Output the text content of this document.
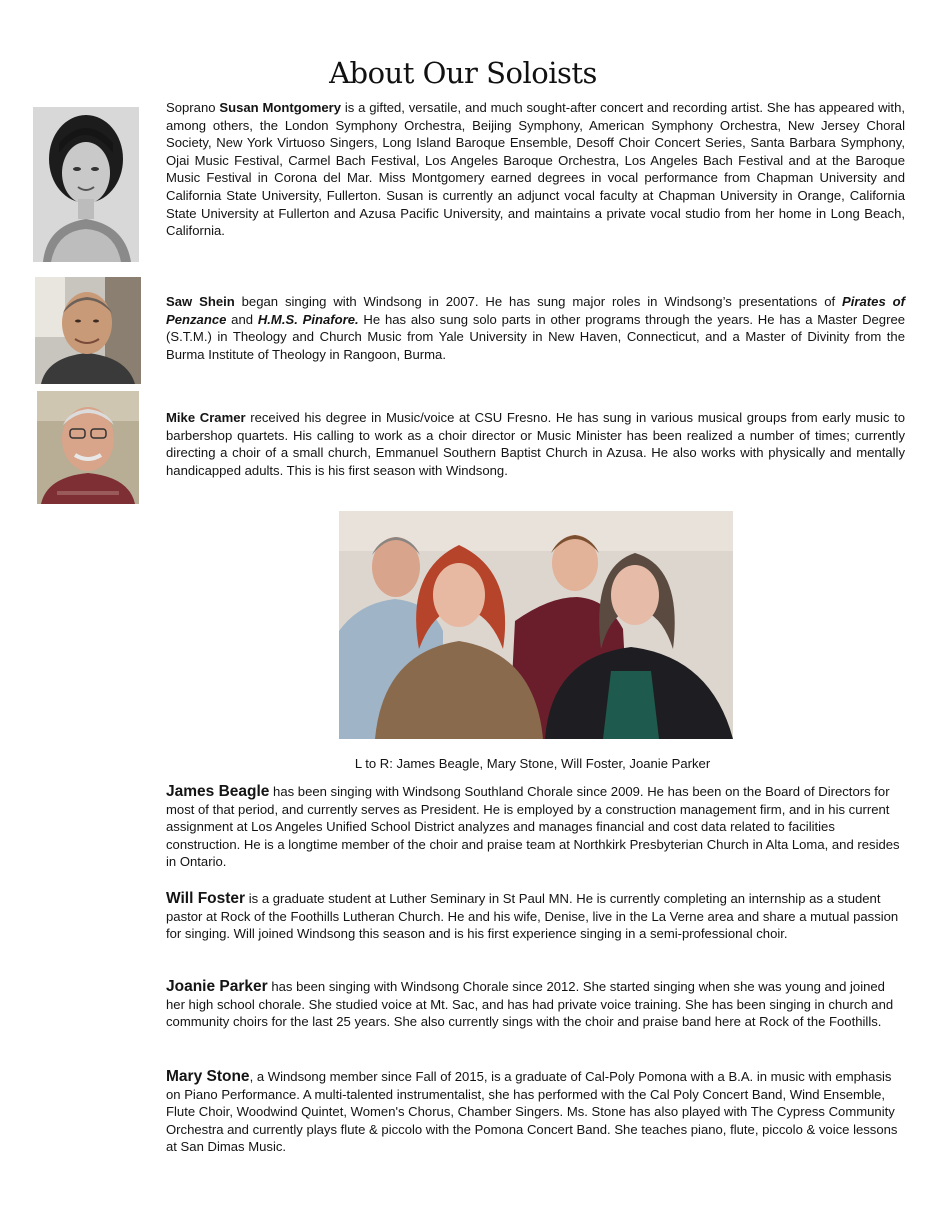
About Our Soloists
Soprano Susan Montgomery is a gifted, versatile, and much sought-after concert and recording artist. She has appeared with, among others, the London Symphony Orchestra, Beijing Symphony, American Symphony Orchestra, New Jersey Choral Society, New York Virtuoso Singers, Long Island Baroque Ensemble, Desoff Choir Concert Series, Santa Barbara Symphony, Ojai Music Festival, Carmel Bach Festival, Los Angeles Baroque Orchestra, Los Angeles Bach Festival and at the Baroque Music Festival in Corona del Mar. Miss Montgomery earned degrees in vocal performance from Chapman University and California State University, Fullerton. Susan is currently an adjunct vocal faculty at Chapman University in Orange, California State University at Fullerton and Azusa Pacific University, and maintains a private vocal studio from her home in Long Beach, California.
Saw Shein began singing with Windsong in 2007. He has sung major roles in Windsong’s presentations of Pirates of Penzance and H.M.S. Pinafore. He has also sung solo parts in other programs through the years. He has a Master Degree (S.T.M.) in Theology and Church Music from Yale University in New Haven, Connecticut, and a Master of Divinity from the Burma Institute of Theology in Rangoon, Burma.
Mike Cramer received his degree in Music/voice at CSU Fresno. He has sung in various musical groups from early music to barbershop quartets. His calling to work as a choir director or Music Minister has been realized a number of times; currently directing a choir of a small church, Emmanuel Southern Baptist Church in Azusa. He also works with physically and mentally handicapped adults. This is his first season with Windsong.
L to R: James Beagle, Mary Stone, Will Foster, Joanie Parker
James Beagle has been singing with Windsong Southland Chorale since 2009. He has been on the Board of Directors for most of that period, and currently serves as President. He is employed by a construction management firm, and in his current assignment at Los Angeles Unified School District analyzes and manages financial and cost data related to facilities construction. He is a longtime member of the choir and praise team at Northkirk Presbyterian Church in Alta Loma, and resides in Ontario.
Will Foster is a graduate student at Luther Seminary in St Paul MN. He is currently completing an internship as a student pastor at Rock of the Foothills Lutheran Church. He and his wife, Denise, live in the La Verne area and share a mutual passion for singing. Will joined Windsong this season and is his first experience singing in a semi-professional choir.
Joanie Parker has been singing with Windsong Chorale since 2012. She started singing when she was young and joined her high school chorale. She studied voice at Mt. Sac, and has had private voice training. She has been singing in church and community choirs for the last 25 years. She also currently sings with the choir and praise band here at Rock of the Foothills.
Mary Stone, a Windsong member since Fall of 2015, is a graduate of Cal-Poly Pomona with a B.A. in music with emphasis on Piano Performance. A multi-talented instrumentalist, she has performed with the Cal Poly Concert Band, Wind Ensemble, Flute Choir, Woodwind Quintet, Women's Chorus, Chamber Singers. Ms. Stone has also played with The Cypress Community Orchestra and currently plays flute & piccolo with the Pomona Concert Band. She teaches piano, flute, piccolo & voice lessons at San Dimas Music.
